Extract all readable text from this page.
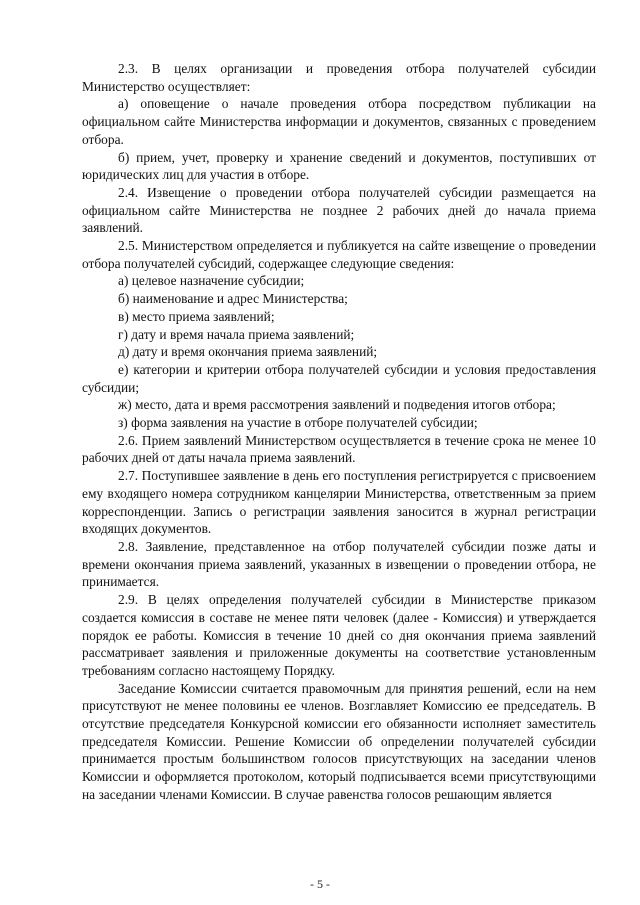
2.3. В целях организации и проведения отбора получателей субсидии Министерство осуществляет:

а) оповещение о начале проведения отбора посредством публикации на официальном сайте Министерства информации и документов, связанных с проведением отбора.

б) прием, учет, проверку и хранение сведений и документов, поступивших от юридических лиц для участия в отборе.

2.4. Извещение о проведении отбора получателей субсидии размещается на официальном сайте Министерства не позднее 2 рабочих дней до начала приема заявлений.

2.5. Министерством определяется и публикуется на сайте извещение о проведении отбора получателей субсидий, содержащее следующие сведения:

а) целевое назначение субсидии;

б) наименование и адрес Министерства;

в) место приема заявлений;

г) дату и время начала приема заявлений;

д) дату и время окончания приема заявлений;

е) категории и критерии отбора получателей субсидии и условия предоставления субсидии;

ж) место, дата и время рассмотрения заявлений и подведения итогов отбора;

з) форма заявления на участие в отборе получателей субсидии;

2.6. Прием заявлений Министерством осуществляется в течение срока не менее 10 рабочих дней от даты начала приема заявлений.

2.7. Поступившее заявление в день его поступления регистрируется с присвоением ему входящего номера сотрудником канцелярии Министерства, ответственным за прием корреспонденции. Запись о регистрации заявления заносится в журнал регистрации входящих документов.

2.8. Заявление, представленное на отбор получателей субсидии позже даты и времени окончания приема заявлений, указанных в извещении о проведении отбора, не принимается.

2.9. В целях определения получателей субсидии в Министерстве приказом создается комиссия в составе не менее пяти человек (далее - Комиссия) и утверждается порядок ее работы. Комиссия в течение 10 дней со дня окончания приема заявлений рассматривает заявления и приложенные документы на соответствие установленным требованиям согласно настоящему Порядку.

Заседание Комиссии считается правомочным для принятия решений, если на нем присутствуют не менее половины ее членов. Возглавляет Комиссию ее председатель. В отсутствие председателя Конкурсной комиссии его обязанности исполняет заместитель председателя Комиссии. Решение Комиссии об определении получателей субсидии принимается простым большинством голосов присутствующих на заседании членов Комиссии и оформляется протоколом, который подписывается всеми присутствующими на заседании членами Комиссии. В случае равенства голосов решающим является

- 5 -
